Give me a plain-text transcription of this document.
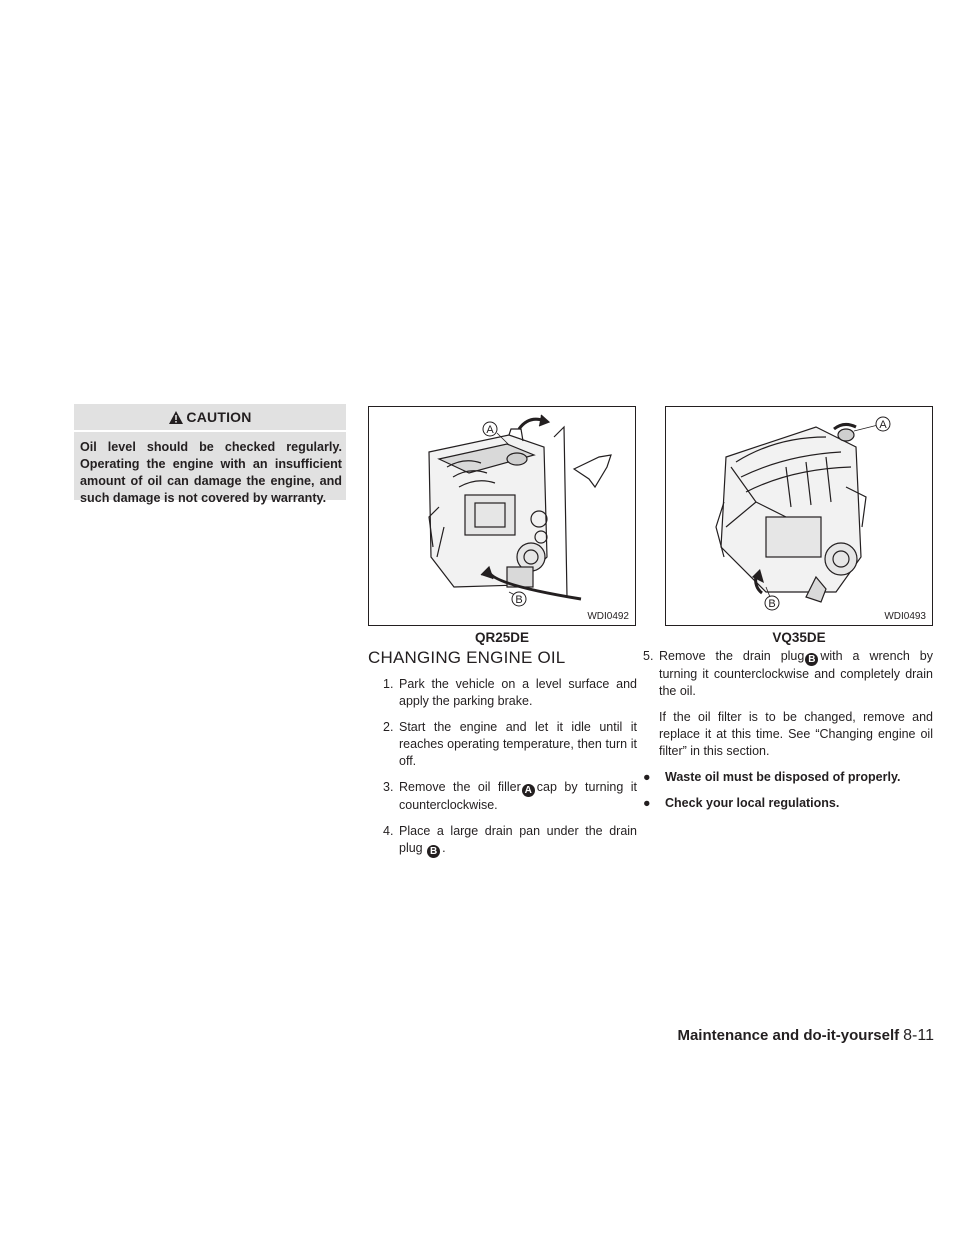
CAUTION
Oil level should be checked regularly. Operating the engine with an insufficient amount of oil can damage the engine, and such damage is not covered by warranty.
A
B
WDI0492
QR25DE
A
B
WDI0493
VQ35DE
CHANGING ENGINE OIL
1. Park the vehicle on a level surface and apply the parking brake.
2. Start the engine and let it idle until it reaches operating temperature, then turn it off.
3. Remove the oil filler A cap by turning it counterclockwise.
4. Place a large drain pan under the drain plug B .
5. Remove the drain plug B with a wrench by turning it counterclockwise and completely drain the oil.
If the oil filter is to be changed, remove and replace it at this time. See “Changing engine oil filter” in this section.
●	Waste oil must be disposed of properly.
●	Check your local regulations.
Maintenance and do-it-yourself 8-11
